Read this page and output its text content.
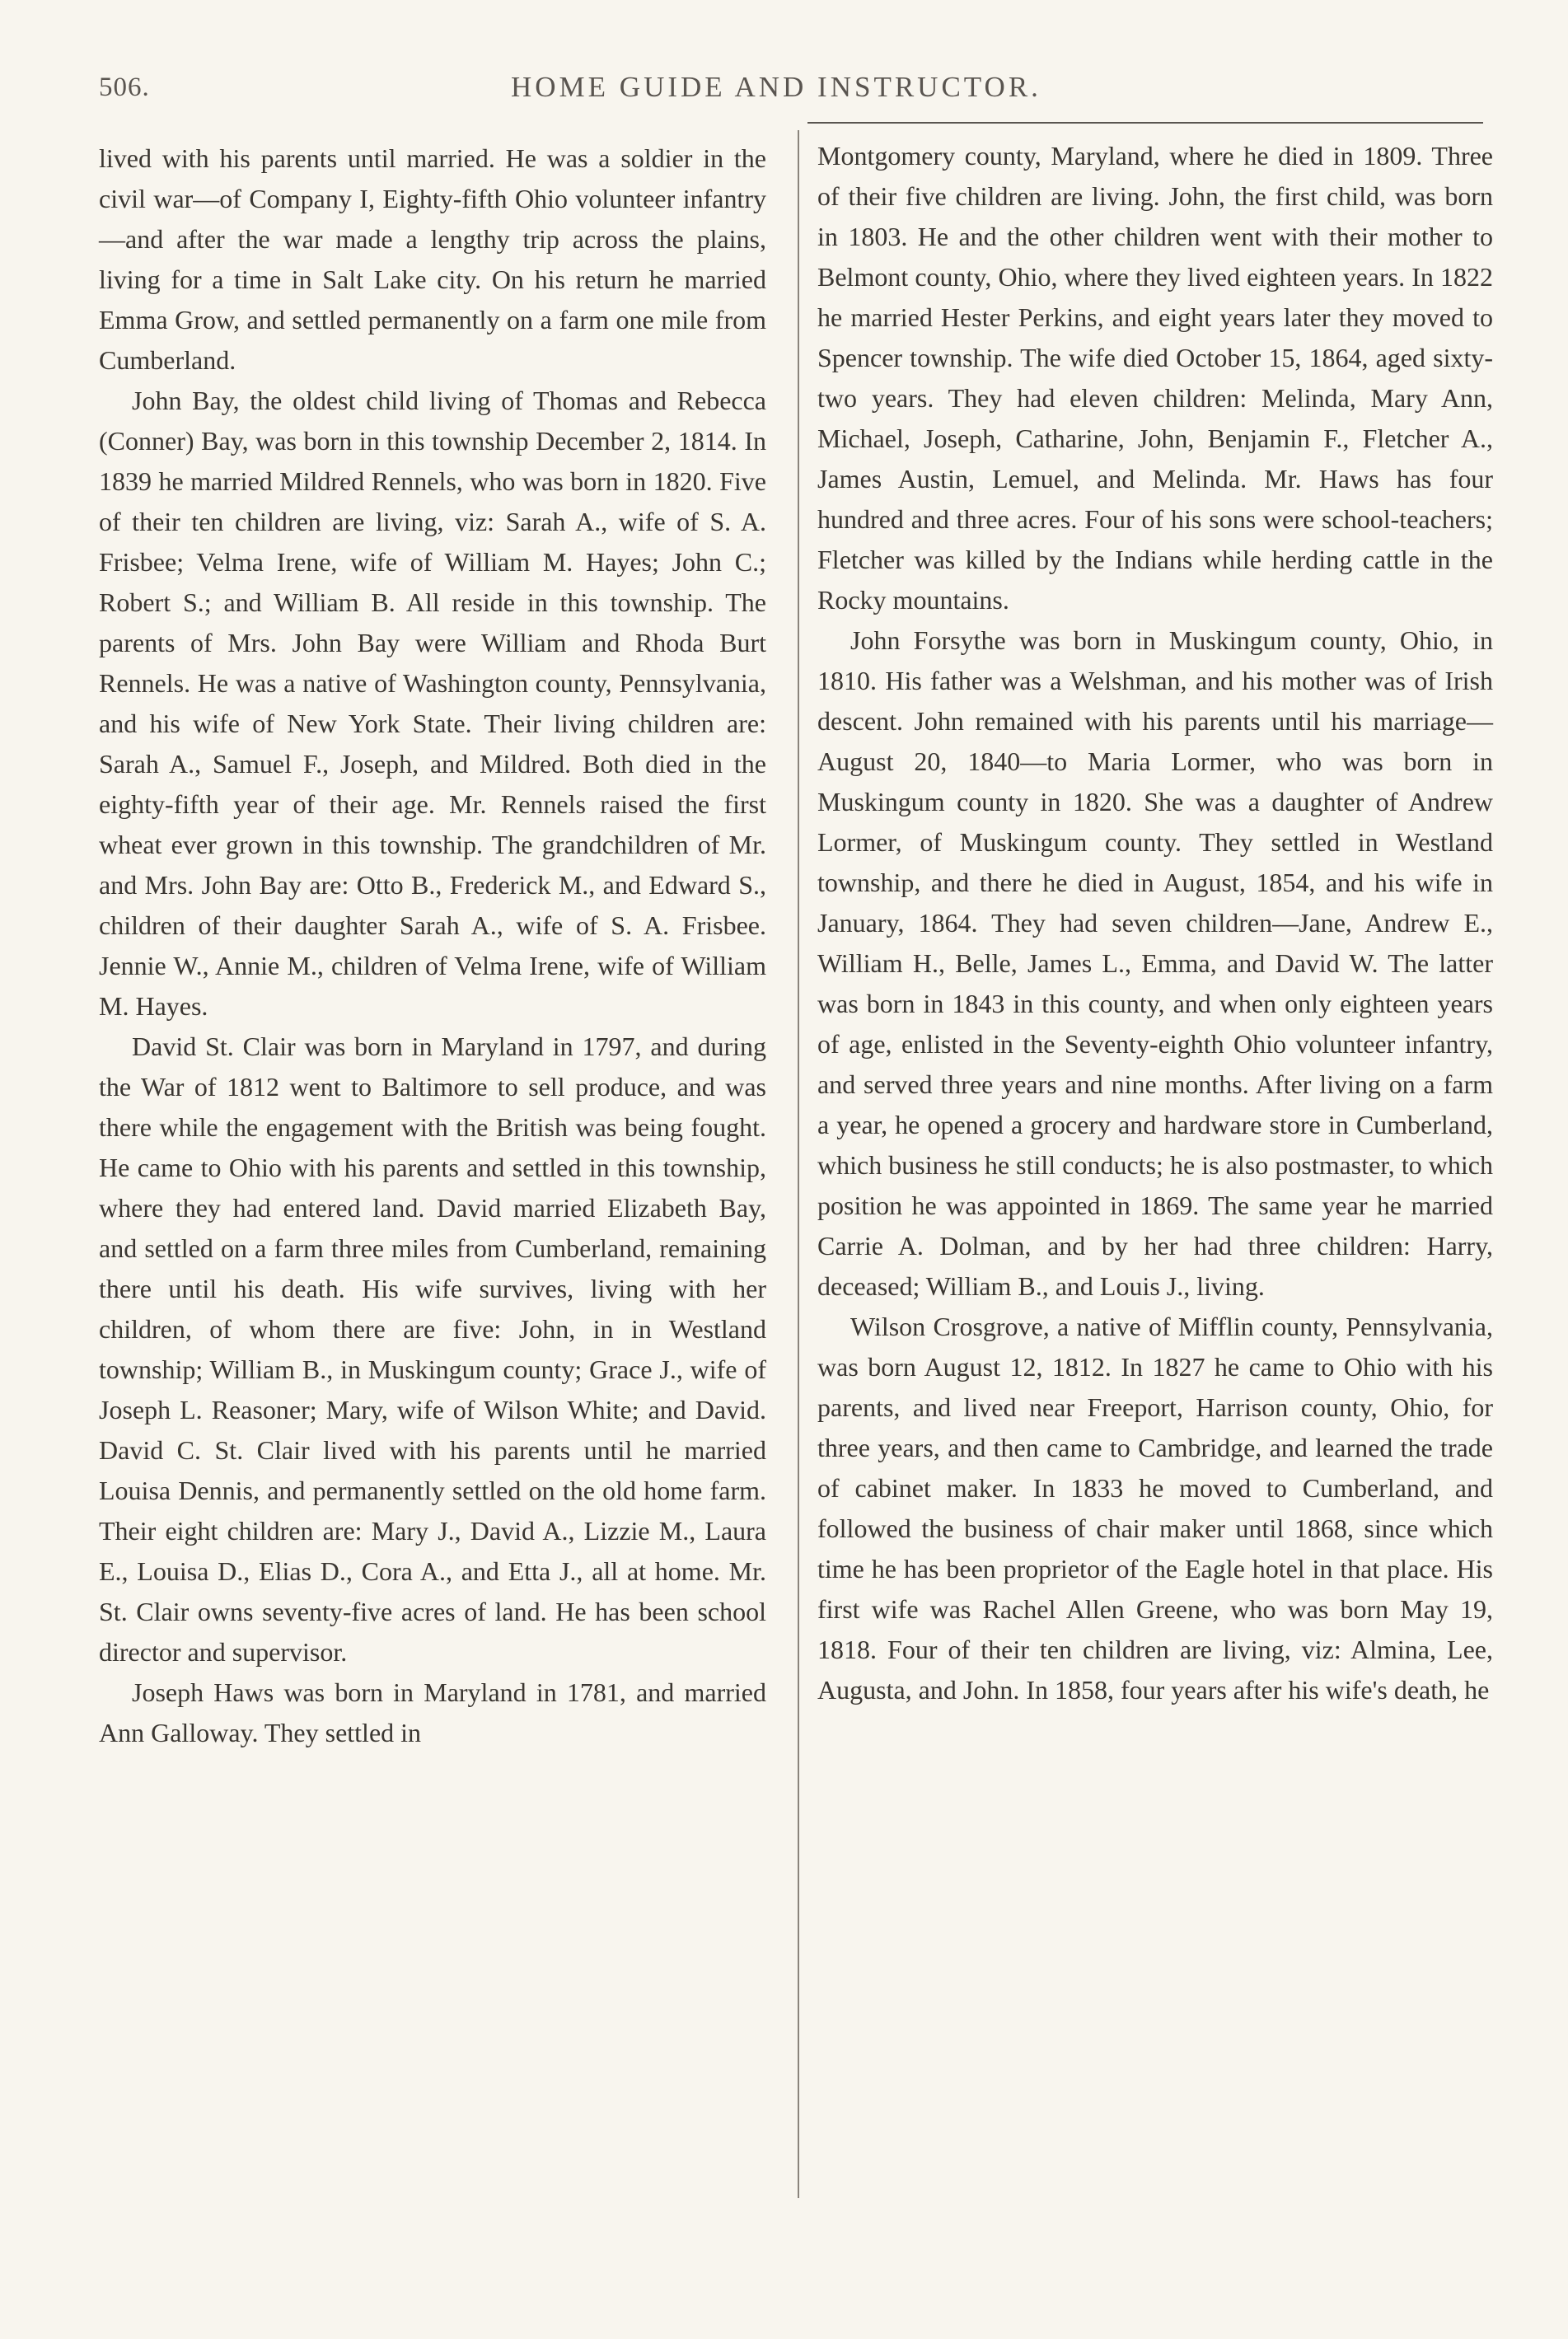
506.	HOME GUIDE AND INSTRUCTOR.

lived with his parents until married. He was a soldier in the civil war—of Company I, Eighty-fifth Ohio volunteer infantry—and after the war made a lengthy trip across the plains, living for a time in Salt Lake city. On his return he married Emma Grow, and settled permanently on a farm one mile from Cumberland.

John Bay, the oldest child living of Thomas and Rebecca (Conner) Bay, was born in this township December 2, 1814. In 1839 he married Mildred Rennels, who was born in 1820. Five of their ten children are living, viz: Sarah A., wife of S. A. Frisbee; Velma Irene, wife of William M. Hayes; John C.; Robert S.; and William B. All reside in this township. The parents of Mrs. John Bay were William and Rhoda Burt Rennels. He was a native of Washington county, Pennsylvania, and his wife of New York State. Their living children are: Sarah A., Samuel F., Joseph, and Mildred. Both died in the eighty-fifth year of their age. Mr. Rennels raised the first wheat ever grown in this township. The grandchildren of Mr. and Mrs. John Bay are: Otto B., Frederick M., and Edward S., children of their daughter Sarah A., wife of S. A. Frisbee. Jennie W., Annie M., children of Velma Irene, wife of William M. Hayes.

David St. Clair was born in Maryland in 1797, and during the War of 1812 went to Baltimore to sell produce, and was there while the engagement with the British was being fought. He came to Ohio with his parents and settled in this township, where they had entered land. David married Elizabeth Bay, and settled on a farm three miles from Cumberland, remaining there until his death. His wife survives, living with her children, of whom there are five: John, in in Westland township; William B., in Muskingum county; Grace J., wife of Joseph L. Reasoner; Mary, wife of Wilson White; and David. David C. St. Clair lived with his parents until he married Louisa Dennis, and permanently settled on the old home farm. Their eight children are: Mary J., David A., Lizzie M., Laura E., Louisa D., Elias D., Cora A., and Etta J., all at home. Mr. St. Clair owns seventy-five acres of land. He has been school director and supervisor.

Joseph Haws was born in Maryland in 1781, and married Ann Galloway. They settled in

Montgomery county, Maryland, where he died in 1809. Three of their five children are living. John, the first child, was born in 1803. He and the other children went with their mother to Belmont county, Ohio, where they lived eighteen years. In 1822 he married Hester Perkins, and eight years later they moved to Spencer township. The wife died October 15, 1864, aged sixty-two years. They had eleven children: Melinda, Mary Ann, Michael, Joseph, Catharine, John, Benjamin F., Fletcher A., James Austin, Lemuel, and Melinda. Mr. Haws has four hundred and three acres. Four of his sons were school-teachers; Fletcher was killed by the Indians while herding cattle in the Rocky mountains.

John Forsythe was born in Muskingum county, Ohio, in 1810. His father was a Welshman, and his mother was of Irish descent. John remained with his parents until his marriage—August 20, 1840—to Maria Lormer, who was born in Muskingum county in 1820. She was a daughter of Andrew Lormer, of Muskingum county. They settled in Westland township, and there he died in August, 1854, and his wife in January, 1864. They had seven children—Jane, Andrew E., William H., Belle, James L., Emma, and David W. The latter was born in 1843 in this county, and when only eighteen years of age, enlisted in the Seventy-eighth Ohio volunteer infantry, and served three years and nine months. After living on a farm a year, he opened a grocery and hardware store in Cumberland, which business he still conducts; he is also postmaster, to which position he was appointed in 1869. The same year he married Carrie A. Dolman, and by her had three children: Harry, deceased; William B., and Louis J., living.

Wilson Crosgrove, a native of Mifflin county, Pennsylvania, was born August 12, 1812. In 1827 he came to Ohio with his parents, and lived near Freeport, Harrison county, Ohio, for three years, and then came to Cambridge, and learned the trade of cabinet maker. In 1833 he moved to Cumberland, and followed the business of chair maker until 1868, since which time he has been proprietor of the Eagle hotel in that place. His first wife was Rachel Allen Greene, who was born May 19, 1818. Four of their ten children are living, viz: Almina, Lee, Augusta, and John. In 1858, four years after his wife's death, he
